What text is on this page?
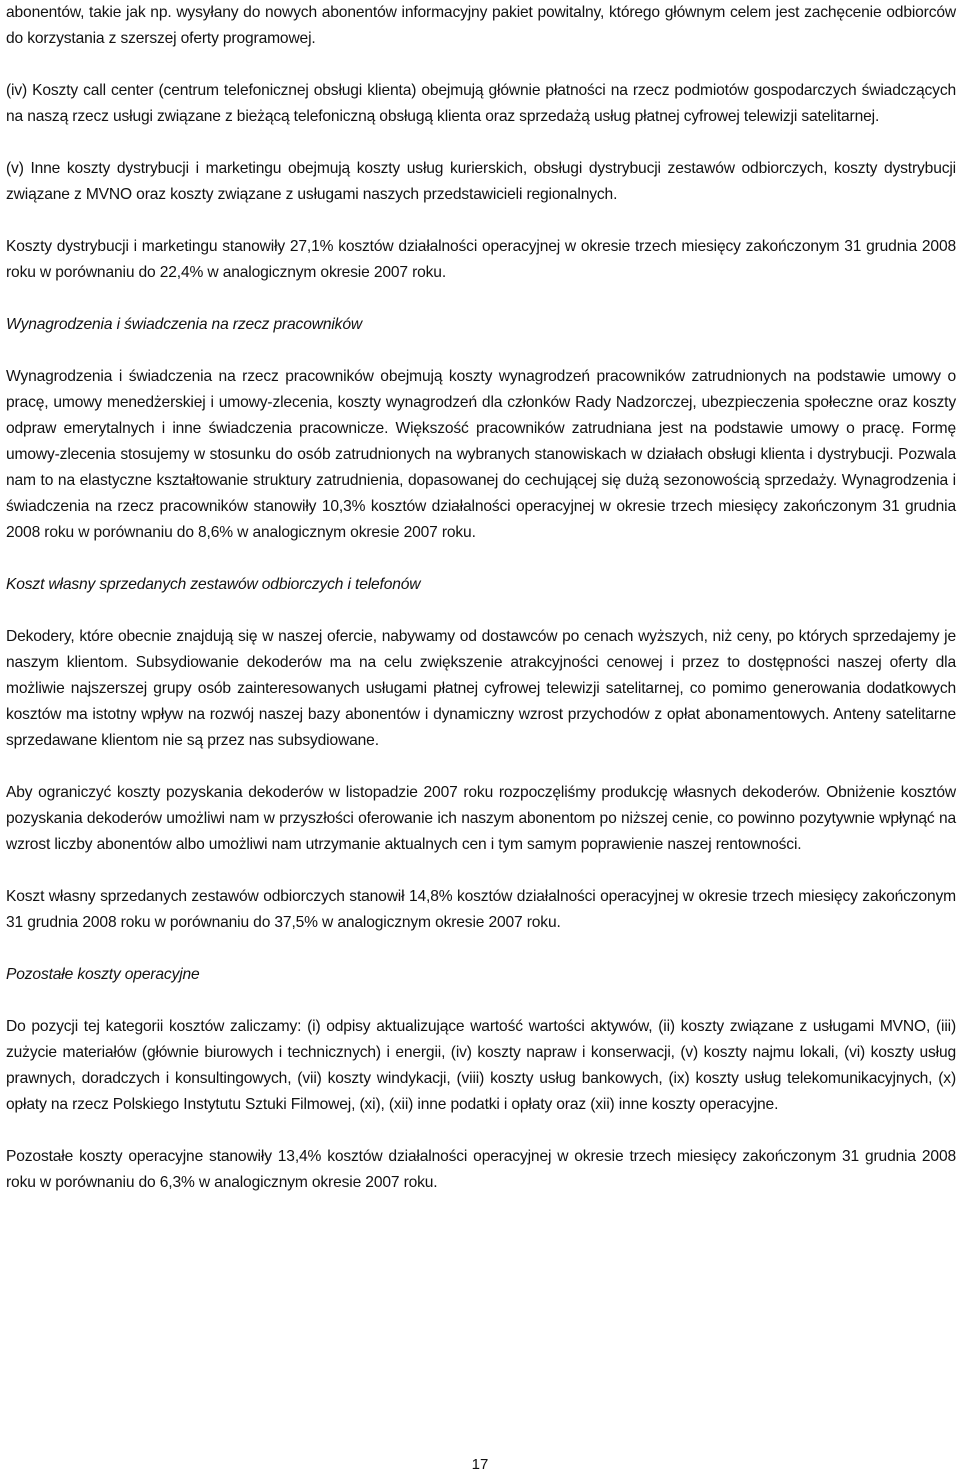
abonentów, takie jak np. wysyłany do nowych abonentów informacyjny pakiet powitalny, którego głównym celem jest zachęcenie odbiorców do korzystania z szerszej oferty programowej.

(iv) Koszty call center (centrum telefonicznej obsługi klienta) obejmują głównie płatności na rzecz podmiotów gospodarczych świadczących na naszą rzecz usługi związane z bieżącą telefoniczną obsługą klienta oraz sprzedażą usług płatnej cyfrowej telewizji satelitarnej.

(v) Inne koszty dystrybucji i marketingu obejmują koszty usług kurierskich, obsługi dystrybucji zestawów odbiorczych, koszty dystrybucji związane z MVNO oraz koszty związane z usługami naszych przedstawicieli regionalnych.

Koszty dystrybucji i marketingu stanowiły 27,1% kosztów działalności operacyjnej w okresie trzech miesięcy zakończonym 31 grudnia 2008 roku w porównaniu do 22,4% w analogicznym okresie 2007 roku.

Wynagrodzenia i świadczenia na rzecz pracowników

Wynagrodzenia i świadczenia na rzecz pracowników obejmują koszty wynagrodzeń pracowników zatrudnionych na podstawie umowy o pracę, umowy menedżerskiej i umowy-zlecenia, koszty wynagrodzeń dla członków Rady Nadzorczej, ubezpieczenia społeczne oraz koszty odpraw emerytalnych i inne świadczenia pracownicze. Większość pracowników zatrudniana jest na podstawie umowy o pracę. Formę umowy-zlecenia stosujemy w stosunku do osób zatrudnionych na wybranych stanowiskach w działach obsługi klienta i dystrybucji. Pozwala nam to na elastyczne kształtowanie struktury zatrudnienia, dopasowanej do cechującej się dużą sezonowością sprzedaży. Wynagrodzenia i świadczenia na rzecz pracowników stanowiły 10,3% kosztów działalności operacyjnej w okresie trzech miesięcy zakończonym 31 grudnia 2008 roku w porównaniu do 8,6% w analogicznym okresie 2007 roku.

Koszt własny sprzedanych zestawów odbiorczych i telefonów

Dekodery, które obecnie znajdują się w naszej ofercie, nabywamy od dostawców po cenach wyższych, niż ceny, po których sprzedajemy je naszym klientom. Subsydiowanie dekoderów ma na celu zwiększenie atrakcyjności cenowej i przez to dostępności naszej oferty dla możliwie najszerszej grupy osób zainteresowanych usługami płatnej cyfrowej telewizji satelitarnej, co pomimo generowania dodatkowych kosztów ma istotny wpływ na rozwój naszej bazy abonentów i dynamiczny wzrost przychodów z opłat abonamentowych. Anteny satelitarne sprzedawane klientom nie są przez nas subsydiowane.

Aby ograniczyć koszty pozyskania dekoderów w listopadzie 2007 roku rozpoczęliśmy produkcję własnych dekoderów. Obniżenie kosztów pozyskania dekoderów umożliwi nam w przyszłości oferowanie ich naszym abonentom po niższej cenie, co powinno pozytywnie wpłynąć na wzrost liczby abonentów albo umożliwi nam utrzymanie aktualnych cen i tym samym poprawienie naszej rentowności.

Koszt własny sprzedanych zestawów odbiorczych stanowił 14,8% kosztów działalności operacyjnej w okresie trzech miesięcy zakończonym 31 grudnia 2008 roku w porównaniu do 37,5% w analogicznym okresie 2007 roku.

Pozostałe koszty operacyjne

Do pozycji tej kategorii kosztów zaliczamy: (i) odpisy aktualizujące wartość wartości aktywów, (ii) koszty związane z usługami MVNO, (iii) zużycie materiałów (głównie biurowych i technicznych) i energii, (iv) koszty napraw i konserwacji, (v) koszty najmu lokali, (vi) koszty usług prawnych, doradczych i konsultingowych, (vii) koszty windykacji, (viii) koszty usług bankowych, (ix) koszty usług telekomunikacyjnych, (x) opłaty na rzecz Polskiego Instytutu Sztuki Filmowej, (xi), (xii) inne podatki i opłaty oraz (xii) inne koszty operacyjne.

Pozostałe koszty operacyjne stanowiły 13,4% kosztów działalności operacyjnej w okresie trzech miesięcy zakończonym 31 grudnia 2008 roku w porównaniu do 6,3% w analogicznym okresie 2007 roku.

17
